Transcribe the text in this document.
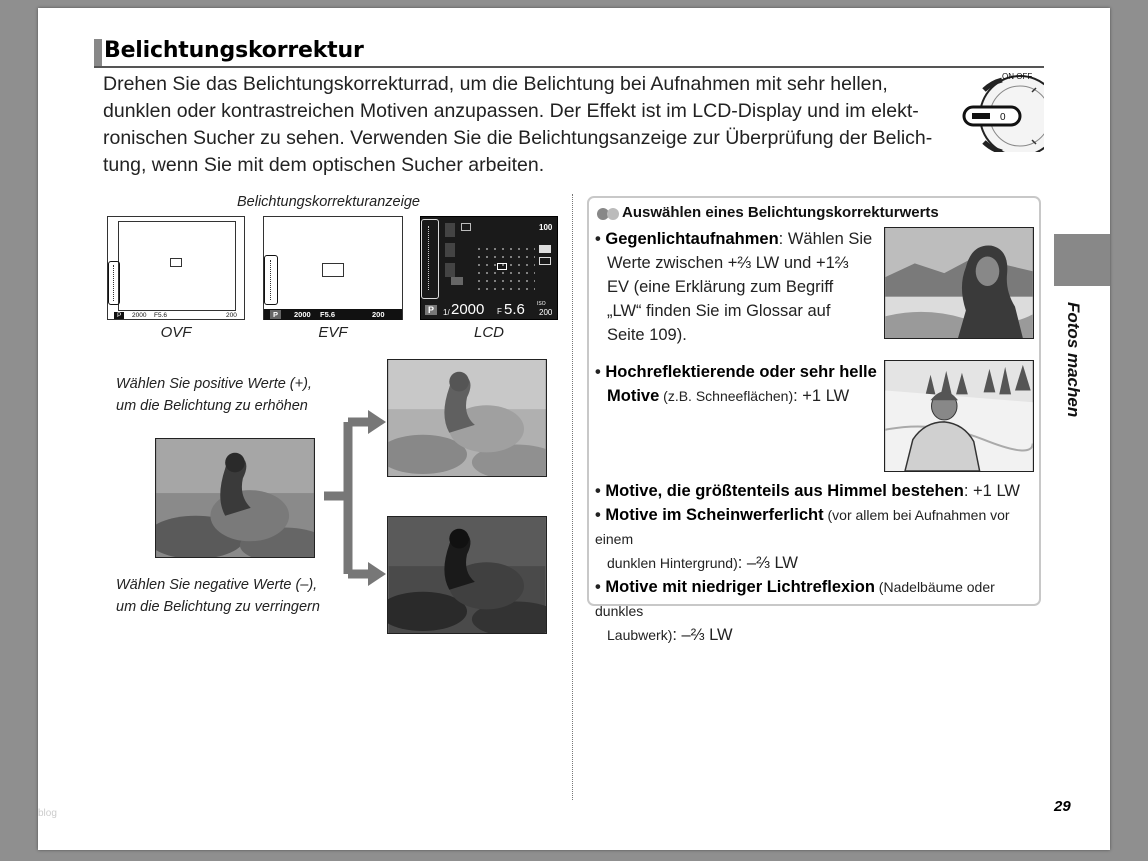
Belichtungskorrektur
Drehen Sie das Belichtungskorrekturrad, um die Belichtung bei Aufnahmen mit sehr hellen,
dunklen oder kontrastreichen Motiven anzupassen. Der Effekt ist im LCD-Display und im elekt-
ronischen Sucher zu sehen. Verwenden Sie die Belichtungsanzeige zur Überprüfung der Belich-
tung, wenn Sie mit dem optischen Sucher arbeiten.
0
ON OFF
Belichtungskorrekturanzeige
P	2000 F5.6	200
OVF
P	2000 F5.6	200
EVF
100
P	1/ 2000 F 5.6 ISO
200
LCD
Wählen Sie positive Werte (+),
um die Belichtung zu erhöhen
Wählen Sie negative Werte (–),
um die Belichtung zu verringern
Auswählen eines Belichtungskorrekturwerts
• Gegenlichtaufnahmen: Wählen Sie
Werte zwischen +⅔ LW und +1⅔
EV (eine Erklärung zum Begriff
„LW“ finden Sie im Glossar auf
Seite 109).
• Hochreflektierende oder sehr helle
Motive (z.B. Schneeflächen): +1 LW
• Motive, die größtenteils aus Himmel bestehen: +1 LW
• Motive im Scheinwerferlicht (vor allem bei Aufnahmen vor einem
dunklen Hintergrund): –⅔ LW
• Motive mit niedriger Lichtreflexion (Nadelbäume oder dunkles
Laubwerk): –⅔ LW
Fotos machen
29
blog
